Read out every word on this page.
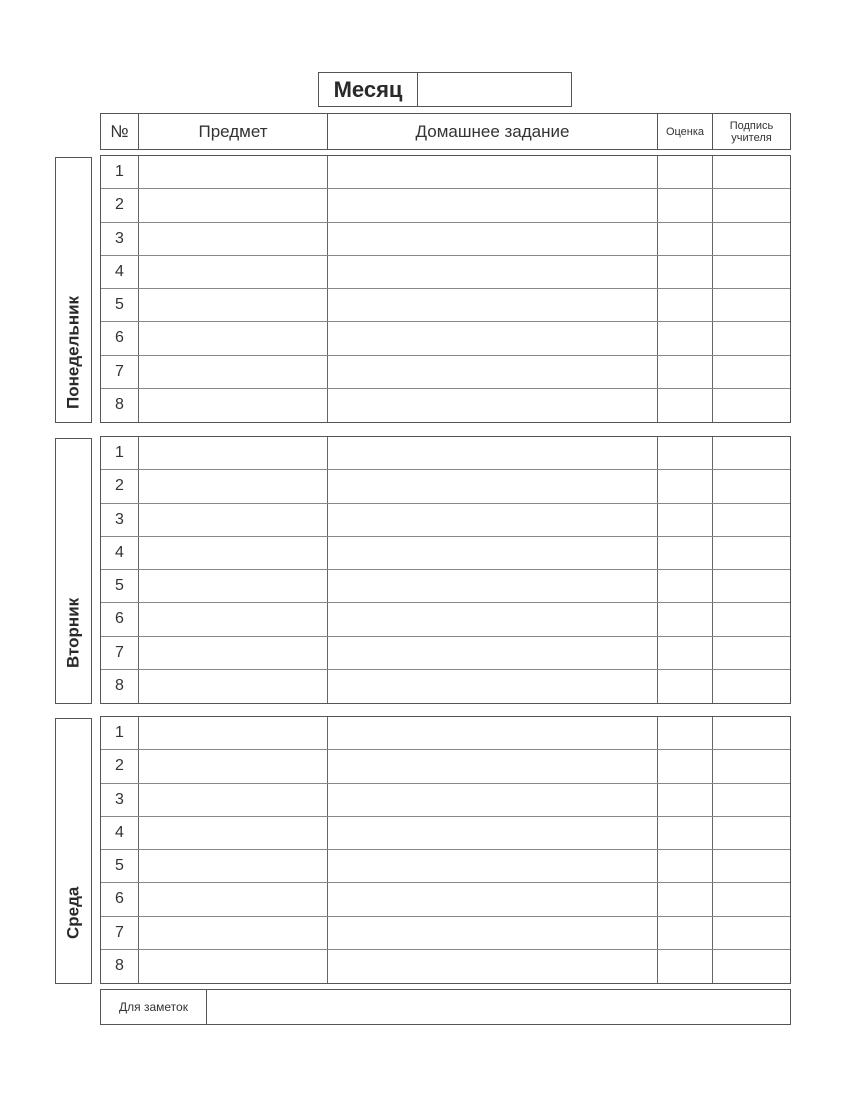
Месяц
№	Предмет	Домашнее задание	Оценка	Подпись учителя
Понедельник
1
2
3
4
5
6
7
8
Вторник
1
2
3
4
5
6
7
8
Среда
1
2
3
4
5
6
7
8
Для заметок
